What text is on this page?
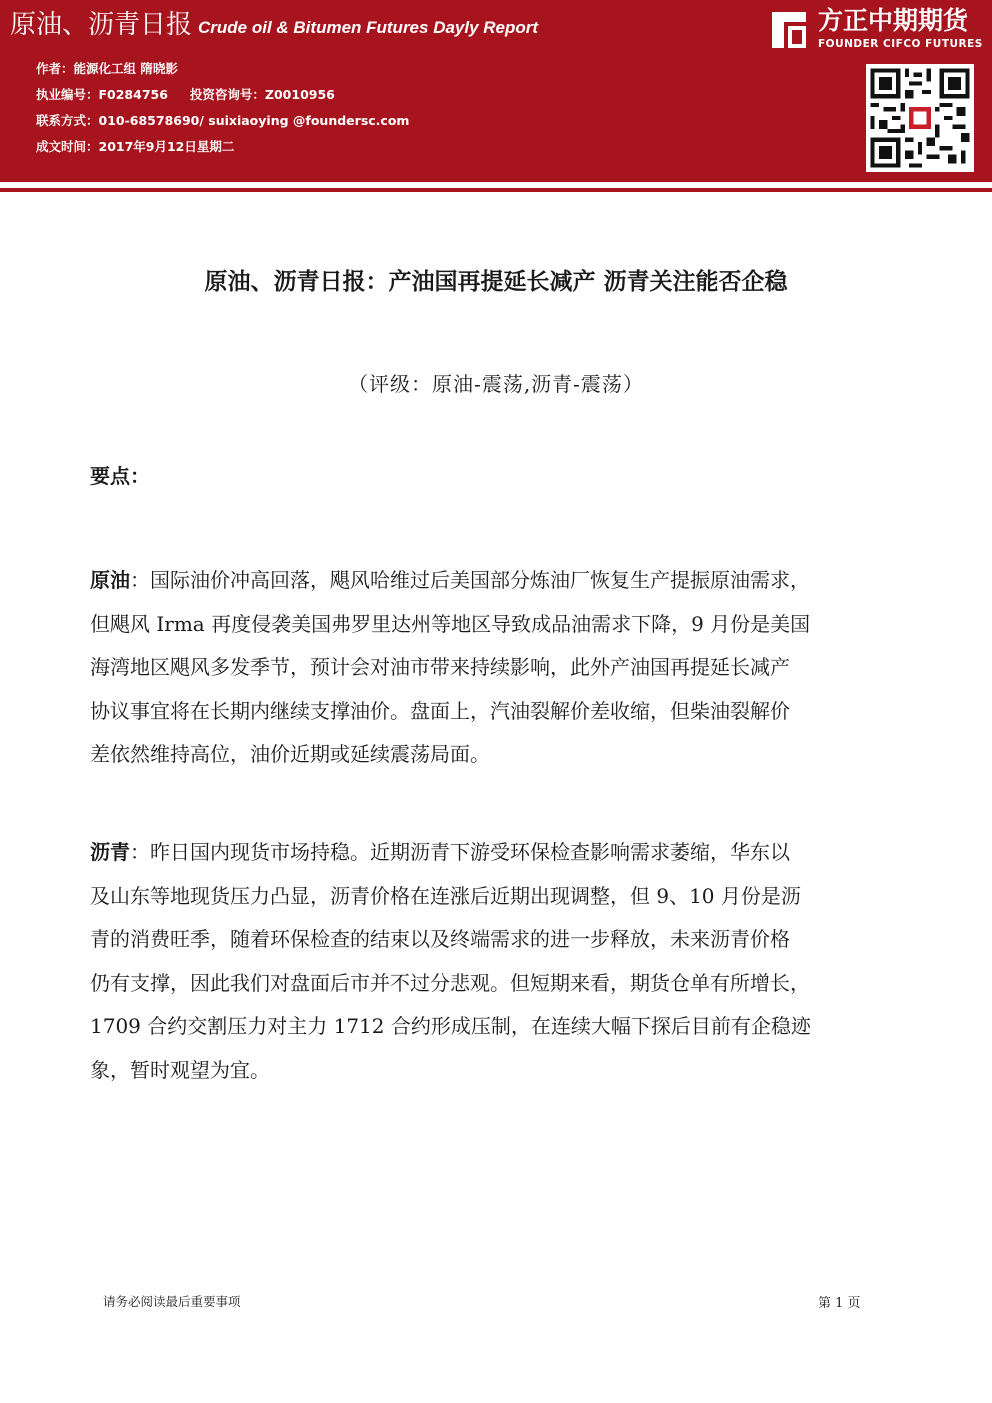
原油、沥青日报 Crude oil & Bitumen Futures Dayly Report
作者：能源化工组 隋晓影
执业编号：F0284756 投资咨询号：Z0010956
联系方式：010-68578690/ suixiaoying @foundersc.com
成文时间：2017年9月12日星期二
方正中期期货
FOUNDER CIFCO FUTURES
原油、沥青日报：产油国再提延长减产 沥青关注能否企稳
（评级：原油-震荡,沥青-震荡）
要点：
原油：国际油价冲高回落，飓风哈维过后美国部分炼油厂恢复生产提振原油需求，
但飓风 Irma 再度侵袭美国弗罗里达州等地区导致成品油需求下降，9 月份是美国
海湾地区飓风多发季节，预计会对油市带来持续影响，此外产油国再提延长减产
协议事宜将在长期内继续支撑油价。盘面上，汽油裂解价差收缩，但柴油裂解价
差依然维持高位，油价近期或延续震荡局面。
沥青：昨日国内现货市场持稳。近期沥青下游受环保检查影响需求萎缩，华东以
及山东等地现货压力凸显，沥青价格在连涨后近期出现调整，但 9、10 月份是沥
青的消费旺季，随着环保检查的结束以及终端需求的进一步释放，未来沥青价格
仍有支撑，因此我们对盘面后市并不过分悲观。但短期来看，期货仓单有所增长，
1709 合约交割压力对主力 1712 合约形成压制，在连续大幅下探后目前有企稳迹
象，暂时观望为宜。
请务必阅读最后重要事项	第 1 页
